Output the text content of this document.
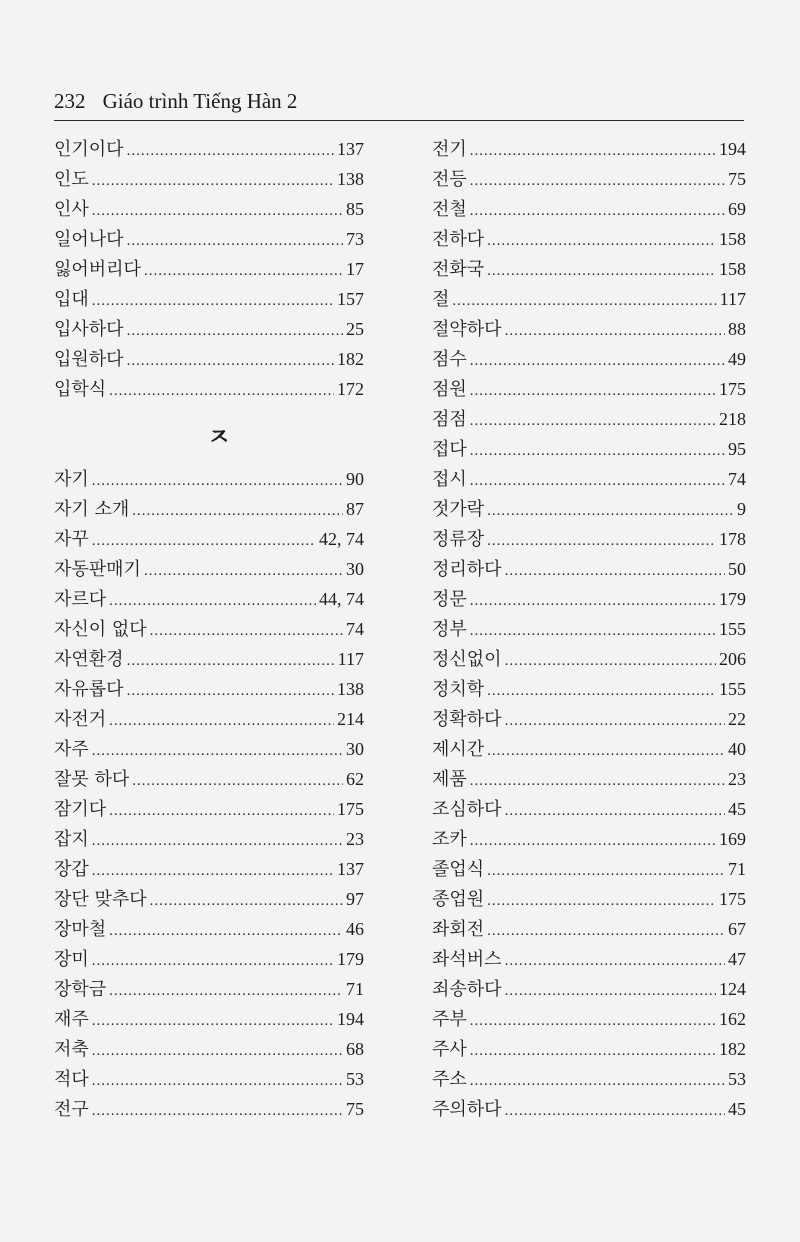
232 Giáo trình Tiếng Hàn 2
인기이다 .....	137
인도 .....	138
인사 .....	85
일어나다 .....	73
잃어버리다 .....	17
입대 .....	157
입사하다 .....	25
입원하다 .....	182
입학식 .....	172
ㅈ
자기 .....	90
자기 소개 .....	87
자꾸 .....	42, 74
자동판매기 .....	30
자르다 .....	44, 74
자신이 없다 .....	74
자연환경 .....	117
자유롭다 .....	138
자전거 .....	214
자주 .....	30
잘못 하다 .....	62
잠기다 .....	175
잡지 .....	23
장갑 .....	137
장단 맞추다 .....	97
장마철 .....	46
장미 .....	179
장학금 .....	71
재주 .....	194
저축 .....	68
적다 .....	53
전구 .....	75
전기 .....	194
전등 .....	75
전철 .....	69
전하다 .....	158
전화국 .....	158
절 .....	117
절약하다 .....	88
점수 .....	49
점원 .....	175
점점 .....	218
접다 .....	95
접시 .....	74
젓가락 .....	9
정류장 .....	178
정리하다 .....	50
정문 .....	179
정부 .....	155
정신없이 .....	206
정치학 .....	155
정확하다 .....	22
제시간 .....	40
제품 .....	23
조심하다 .....	45
조카 .....	169
졸업식 .....	71
종업원 .....	175
좌회전 .....	67
좌석버스 .....	47
죄송하다 .....	124
주부 .....	162
주사 .....	182
주소 .....	53
주의하다 .....	45
